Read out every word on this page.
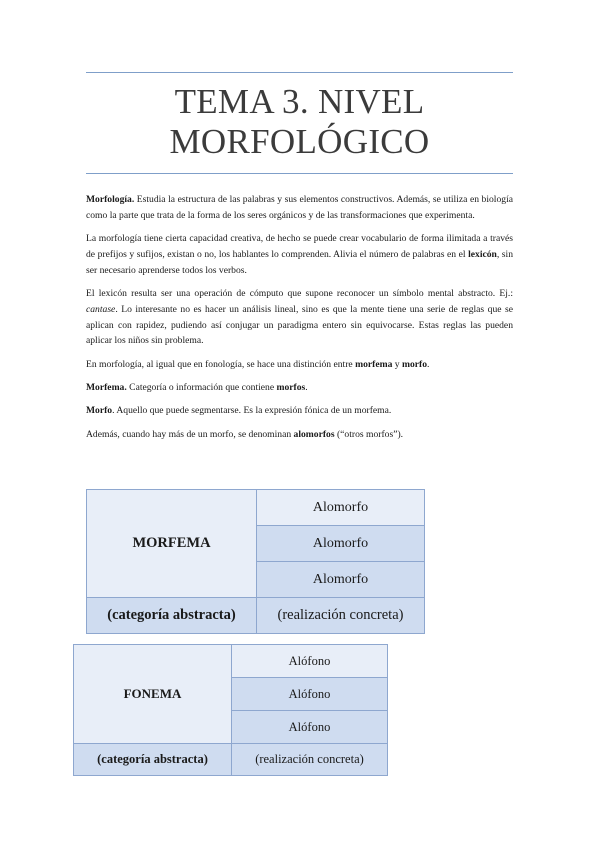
TEMA 3. NIVEL
MORFOLÓGICO

Morfología. Estudia la estructura de las palabras y sus elementos constructivos. Además, se utiliza en biología como la parte que trata de la forma de los seres orgánicos y de las transformaciones que experimenta.

La morfología tiene cierta capacidad creativa, de hecho se puede crear vocabulario de forma ilimitada a través de prefijos y sufijos, existan o no, los hablantes lo comprenden. Alivia el número de palabras en el lexicón, sin ser necesario aprenderse todos los verbos.

El lexicón resulta ser una operación de cómputo que supone reconocer un símbolo mental abstracto. Ej.: cantase. Lo interesante no es hacer un análisis lineal, sino es que la mente tiene una serie de reglas que se aplican con rapidez, pudiendo así conjugar un paradigma entero sin equivocarse. Estas reglas las pueden aplicar los niños sin problema.

En morfología, al igual que en fonología, se hace una distinción entre morfema y morfo.

Morfema. Categoría o información que contiene morfos.

Morfo. Aquello que puede segmentarse. Es la expresión fónica de un morfema.

Además, cuando hay más de un morfo, se denominan alomorfos (“otros morfos”).

MORFEMA	Alomorfo
	Alomorfo
	Alomorfo
(categoría abstracta)	(realización concreta)
FONEMA	Alófono
	Alófono
	Alófono
(categoría abstracta)	(realización concreta)
